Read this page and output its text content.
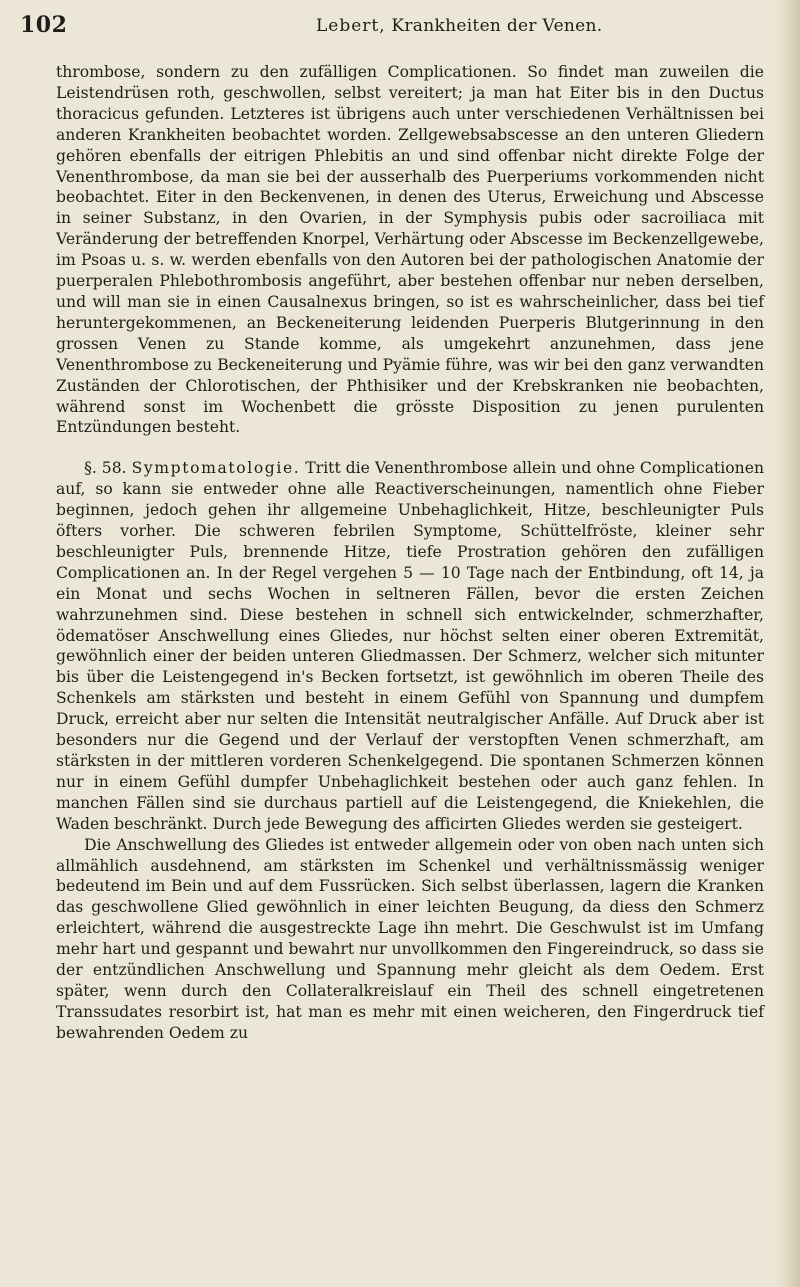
102	Lebert, Krankheiten der Venen.

thrombose, sondern zu den zufälligen Complicationen. So findet man zuweilen die Leistendrüsen roth, geschwollen, selbst vereitert; ja man hat Eiter bis in den Ductus thoracicus gefunden. Letzteres ist übrigens auch unter verschiedenen Verhältnissen bei anderen Krankheiten beobachtet worden. Zellgewebsabscesse an den unteren Gliedern gehören ebenfalls der eitrigen Phlebitis an und sind offenbar nicht direkte Folge der Venenthrombose, da man sie bei der ausserhalb des Puerperiums vorkommenden nicht beobachtet. Eiter in den Beckenvenen, in denen des Uterus, Erweichung und Abscesse in seiner Substanz, in den Ovarien, in der Symphysis pubis oder sacroiliaca mit Veränderung der betreffenden Knorpel, Verhärtung oder Abscesse im Beckenzellgewebe, im Psoas u. s. w. werden ebenfalls von den Autoren bei der pathologischen Anatomie der puerperalen Phlebothrombosis angeführt, aber bestehen offenbar nur neben derselben, und will man sie in einen Causalnexus bringen, so ist es wahrscheinlicher, dass bei tief heruntergekommenen, an Beckeneiterung leidenden Puerperis Blutgerinnung in den grossen Venen zu Stande komme, als umgekehrt anzunehmen, dass jene Venenthrombose zu Beckeneiterung und Pyämie führe, was wir bei den ganz verwandten Zuständen der Chlorotischen, der Phthisiker und der Krebskranken nie beobachten, während sonst im Wochenbett die grösste Disposition zu jenen purulenten Entzündungen besteht.

§. 58. Symptomatologie. Tritt die Venenthrombose allein und ohne Complicationen auf, so kann sie entweder ohne alle Reactiverscheinungen, namentlich ohne Fieber beginnen, jedoch gehen ihr allgemeine Unbehaglichkeit, Hitze, beschleunigter Puls öfters vorher. Die schweren febrilen Symptome, Schüttelfröste, kleiner sehr beschleunigter Puls, brennende Hitze, tiefe Prostration gehören den zufälligen Complicationen an. In der Regel vergehen 5 — 10 Tage nach der Entbindung, oft 14, ja ein Monat und sechs Wochen in seltneren Fällen, bevor die ersten Zeichen wahrzunehmen sind. Diese bestehen in schnell sich entwickelnder, schmerzhafter, ödematöser Anschwellung eines Gliedes, nur höchst selten einer oberen Extremität, gewöhnlich einer der beiden unteren Gliedmassen. Der Schmerz, welcher sich mitunter bis über die Leistengegend in's Becken fortsetzt, ist gewöhnlich im oberen Theile des Schenkels am stärksten und besteht in einem Gefühl von Spannung und dumpfem Druck, erreicht aber nur selten die Intensität neutralgischer Anfälle. Auf Druck aber ist besonders nur die Gegend und der Verlauf der verstopften Venen schmerzhaft, am stärksten in der mittleren vorderen Schenkelgegend. Die spontanen Schmerzen können nur in einem Gefühl dumpfer Unbehaglichkeit bestehen oder auch ganz fehlen. In manchen Fällen sind sie durchaus partiell auf die Leistengegend, die Kniekehlen, die Waden beschränkt. Durch jede Bewegung des afficirten Gliedes werden sie gesteigert.

Die Anschwellung des Gliedes ist entweder allgemein oder von oben nach unten sich allmählich ausdehnend, am stärksten im Schenkel und verhältnissmässig weniger bedeutend im Bein und auf dem Fussrücken. Sich selbst überlassen, lagern die Kranken das geschwollene Glied gewöhnlich in einer leichten Beugung, da diess den Schmerz erleichtert, während die ausgestreckte Lage ihn mehrt. Die Geschwulst ist im Umfang mehr hart und gespannt und bewahrt nur unvollkommen den Fingereindruck, so dass sie der entzündlichen Anschwellung und Spannung mehr gleicht als dem Oedem. Erst später, wenn durch den Collateralkreislauf ein Theil des schnell eingetretenen Transsudates resorbirt ist, hat man es mehr mit einen weicheren, den Fingerdruck tief bewahrenden Oedem zu
